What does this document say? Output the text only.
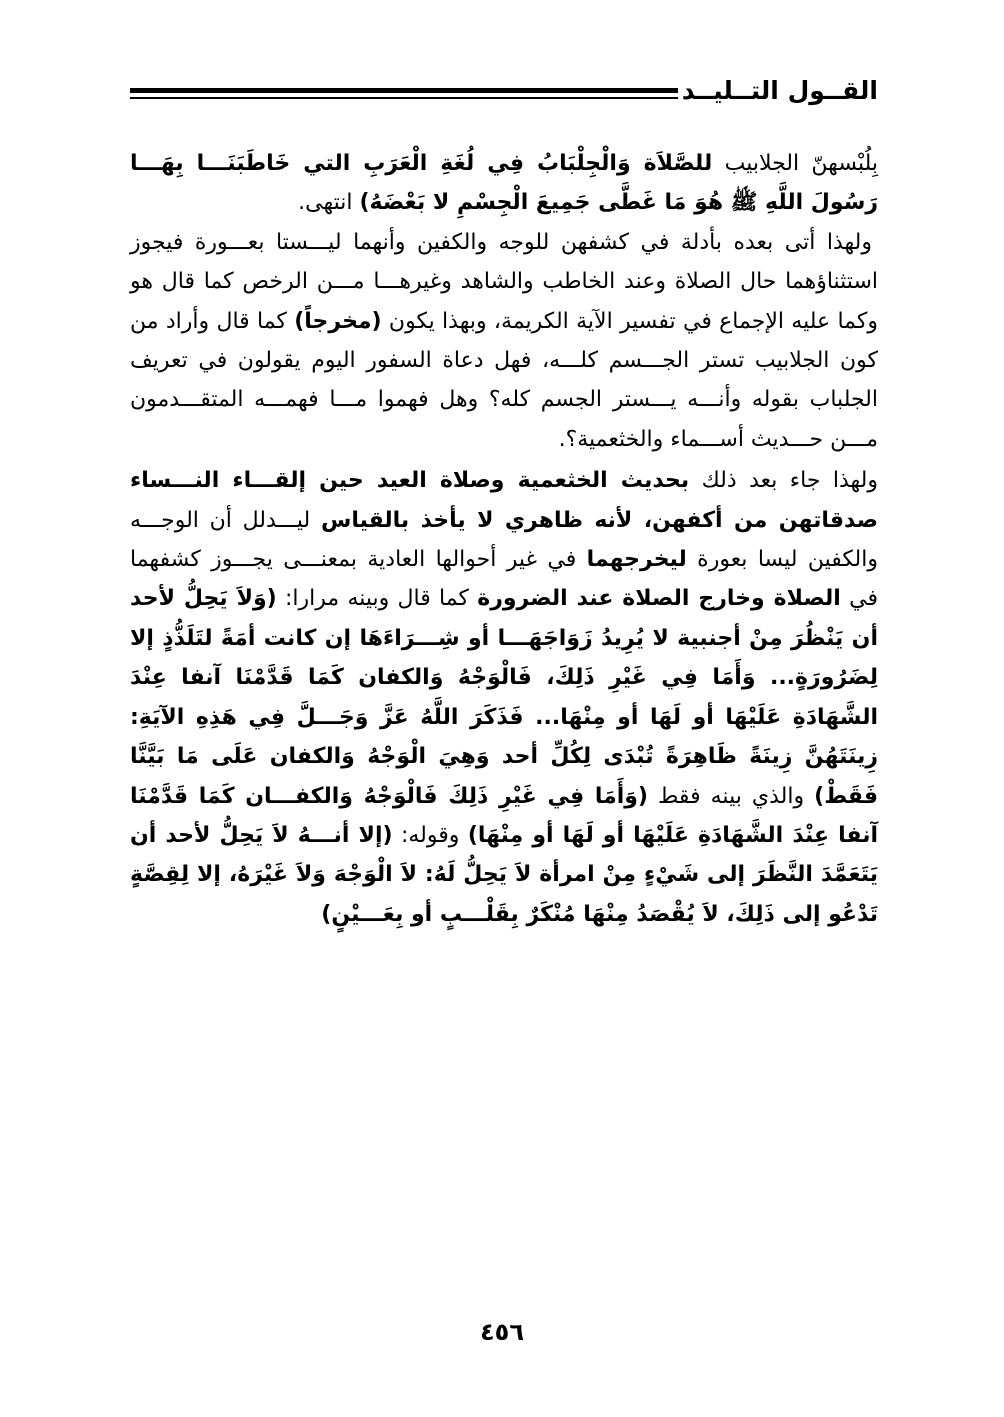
القــول التــليــد

بِلُبْسهنّ الجلابيب للصَّلاَة وَالْجِلْبَابُ فِي لُغَةِ الْعَرَبِ التي خَاطَبَنَـــا بِهَـــا رَسُولَ اللَّهِ ﷺ هُوَ مَا غَطَّى جَمِيعَ الْجِسْمِ لا بَعْضَهُ) انتهى.

ولهذا أتى بعده بأدلة في كشفهن للوجه والكفين وأنهما ليـــستا بعـــورة فيجوز استثناؤهما حال الصلاة وعند الخاطب والشاهد وغيرهـــا مـــن الرخص كما قال هو وكما عليه الإجماع في تفسير الآية الكريمة، وبهذا يكون (مخرجاً) كما قال وأراد من كون الجلابيب تستر الجـــسم كلـــه، فهل دعاة السفور اليوم يقولون في تعريف الجلباب بقوله وأنـــه يـــستر الجسم كله؟ وهل فهموا مـــا فهمـــه المتقـــدمون مـــن حـــديث أســـماء والخثعمية؟.

ولهذا جاء بعد ذلك بحديث الخثعمية وصلاة العيد حين إلقـــاء النـــساء صدقاتهن من أكفهن، لأنه ظاهري لا يأخذ بالقياس ليـــدلل أن الوجـــه والكفين ليسا بعورة ليخرجهما في غير أحوالها العادية بمعنـــى يجـــوز كشفهما في الصلاة وخارج الصلاة عند الضرورة كما قال وبينه مرارا: (وَلاَ يَحِلُّ لأحد أن يَنْظُرَ مِنْ أجنبية لا يُرِيدُ زَوَاجَهَـــا أو شِـــرَاءَهَا إن كانت أمَةً لتَلَذُّذٍ إلا لِضَرُورَةٍ... وَأَمَا فِي غَيْرِ ذَلِكَ، فَالْوَجْهُ وَالكفان كَمَا قَدَّمْنَا آنفا عِنْدَ الشَّهَادَةِ عَلَيْهَا أو لَهَا أو مِنْهَا... فَذَكَرَ اللَّهُ عَزَّ وَجَـــلَّ فِي هَذِهِ الآيَةِ: زِينَتَهُنَّ زِينَةً ظَاهِرَةً تُبْدَى لِكُلِّ أحد وَهِيَ الْوَجْهُ وَالكفان عَلَى مَا بَيَّنَّا فَقَطْ) والذي بينه فقط (وَأَمَا فِي غَيْرِ ذَلِكَ فَالْوَجْهُ وَالكفـــان كَمَا قَدَّمْنَا آنفا عِنْدَ الشَّهَادَةِ عَلَيْهَا أو لَهَا أو مِنْهَا) وقوله: (إلا أنـــهُ لاَ يَحِلُّ لأحد أن يَتَعَمَّدَ النَّظَرَ إلى شَيْءٍ مِنْ امرأة لاَ يَحِلُّ لَهُ: لاَ الْوَجْهَ وَلاَ غَيْرَهُ، إلا لِقِصَّةٍ تَدْعُو إلى ذَلِكَ، لاَ يُقْصَدُ مِنْهَا مُنْكَرٌ بِقَلْـــبٍ أو بِعَـــيْنٍ)

٤٥٦
